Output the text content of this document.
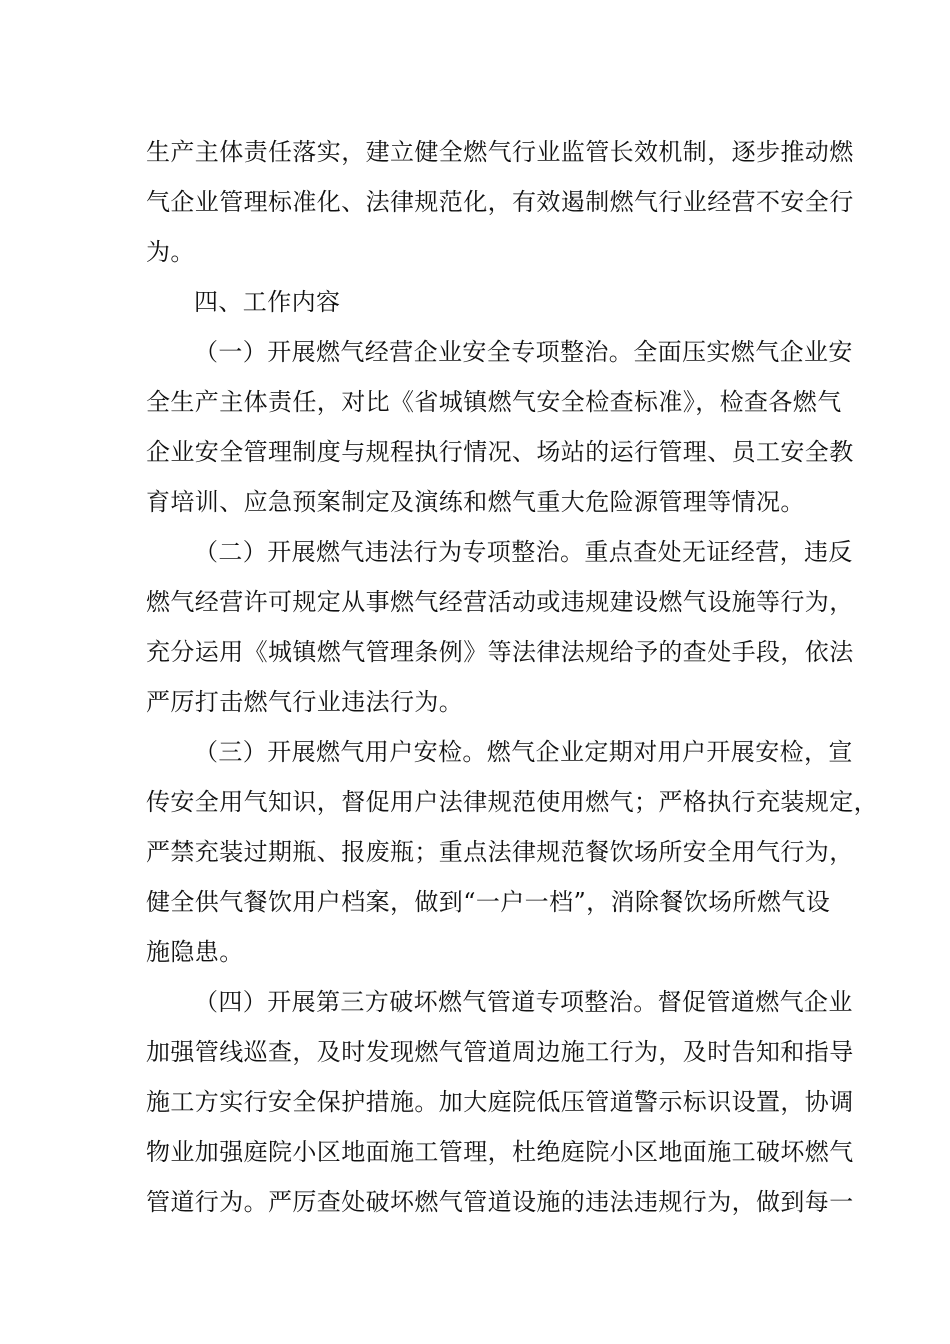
生产主体责任落实，建立健全燃气行业监管长效机制，逐步推动燃
气企业管理标准化、法律规范化，有效遏制燃气行业经营不安全行
为。
四、工作内容
（一）开展燃气经营企业安全专项整治。全面压实燃气企业安
全生产主体责任，对比《省城镇燃气安全检查标准》，检查各燃气
企业安全管理制度与规程执行情况、场站的运行管理、员工安全教
育培训、应急预案制定及演练和燃气重大危险源管理等情况。
（二）开展燃气违法行为专项整治。重点查处无证经营，违反
燃气经营许可规定从事燃气经营活动或违规建设燃气设施等行为，
充分运用《城镇燃气管理条例》等法律法规给予的查处手段，依法
严厉打击燃气行业违法行为。
（三）开展燃气用户安检。燃气企业定期对用户开展安检，宣
传安全用气知识，督促用户法律规范使用燃气；严格执行充装规定，
严禁充装过期瓶、报废瓶；重点法律规范餐饮场所安全用气行为，
健全供气餐饮用户档案，做到“一户一档”，消除餐饮场所燃气设
施隐患。
（四）开展第三方破坏燃气管道专项整治。督促管道燃气企业
加强管线巡查，及时发现燃气管道周边施工行为，及时告知和指导
施工方实行安全保护措施。加大庭院低压管道警示标识设置，协调
物业加强庭院小区地面施工管理，杜绝庭院小区地面施工破坏燃气
管道行为。严厉查处破坏燃气管道设施的违法违规行为，做到每一
